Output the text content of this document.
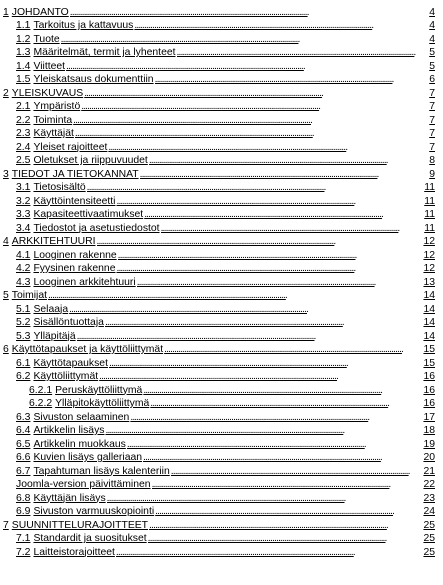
1 JOHDANTO . . .	4
1.1 Tarkoitus ja kattavuus . . .	4
1.2 Tuote . . .	4
1.3 Määritelmät, termit ja lyhenteet . . .	5
1.4 Viitteet . . .	5
1.5 Yleiskatsaus dokumenttiin . . .	6
2 YLEISKUVAUS . . .	7
2.1 Ympäristö . . .	7
2.2 Toiminta . . .	7
2.3 Käyttäjät . . .	7
2.4 Yleiset rajoitteet . . .	7
2.5 Oletukset ja riippuvuudet . . .	8
3 TIEDOT JA TIETOKANNAT . . .	9
3.1 Tietosisältö . . .	11
3.2 Käyttöintensiteetti . . .	11
3.3 Kapasiteettivaatimukset . . .	11
3.4 Tiedostot ja asetustiedostot . . .	11
4 ARKKITEHTUURI . . .	12
4.1 Looginen rakenne . . .	12
4.2 Fyysinen rakenne . . .	12
4.3 Looginen arkkitehtuuri . . .	13
5 Toimijat . . .	14
5.1 Selaaja . . .	14
5.2 Sisällöntuottaja . . .	14
5.3 Ylläpitäjä . . .	14
6 Käyttötapaukset ja käyttöliittymät . . .	15
6.1 Käyttötapaukset . . .	15
6.2 Käyttöliittymät . . .	16
6.2.1 Peruskäyttöliittymä . . .	16
6.2.2 Ylläpitokäyttöliittymä . . .	16
6.3 Sivuston selaaminen . . .	17
6.4 Artikkelin lisäys . . .	18
6.5 Artikkelin muokkaus . . .	19
6.6 Kuvien lisäys galleriaan . . .	20
6.7 Tapahtuman lisäys kalenteriin . . .	21
Joomla-version päivittäminen . . .	22
6.8 Käyttäjän lisäys . . .	23
6.9 Sivuston varmuuskopiointi . . .	24
7 SUUNNITTELURAJOITTEET . . .	25
7.1 Standardit ja suositukset . . .	25
7.2 Laitteistorajoitteet . . .	25
